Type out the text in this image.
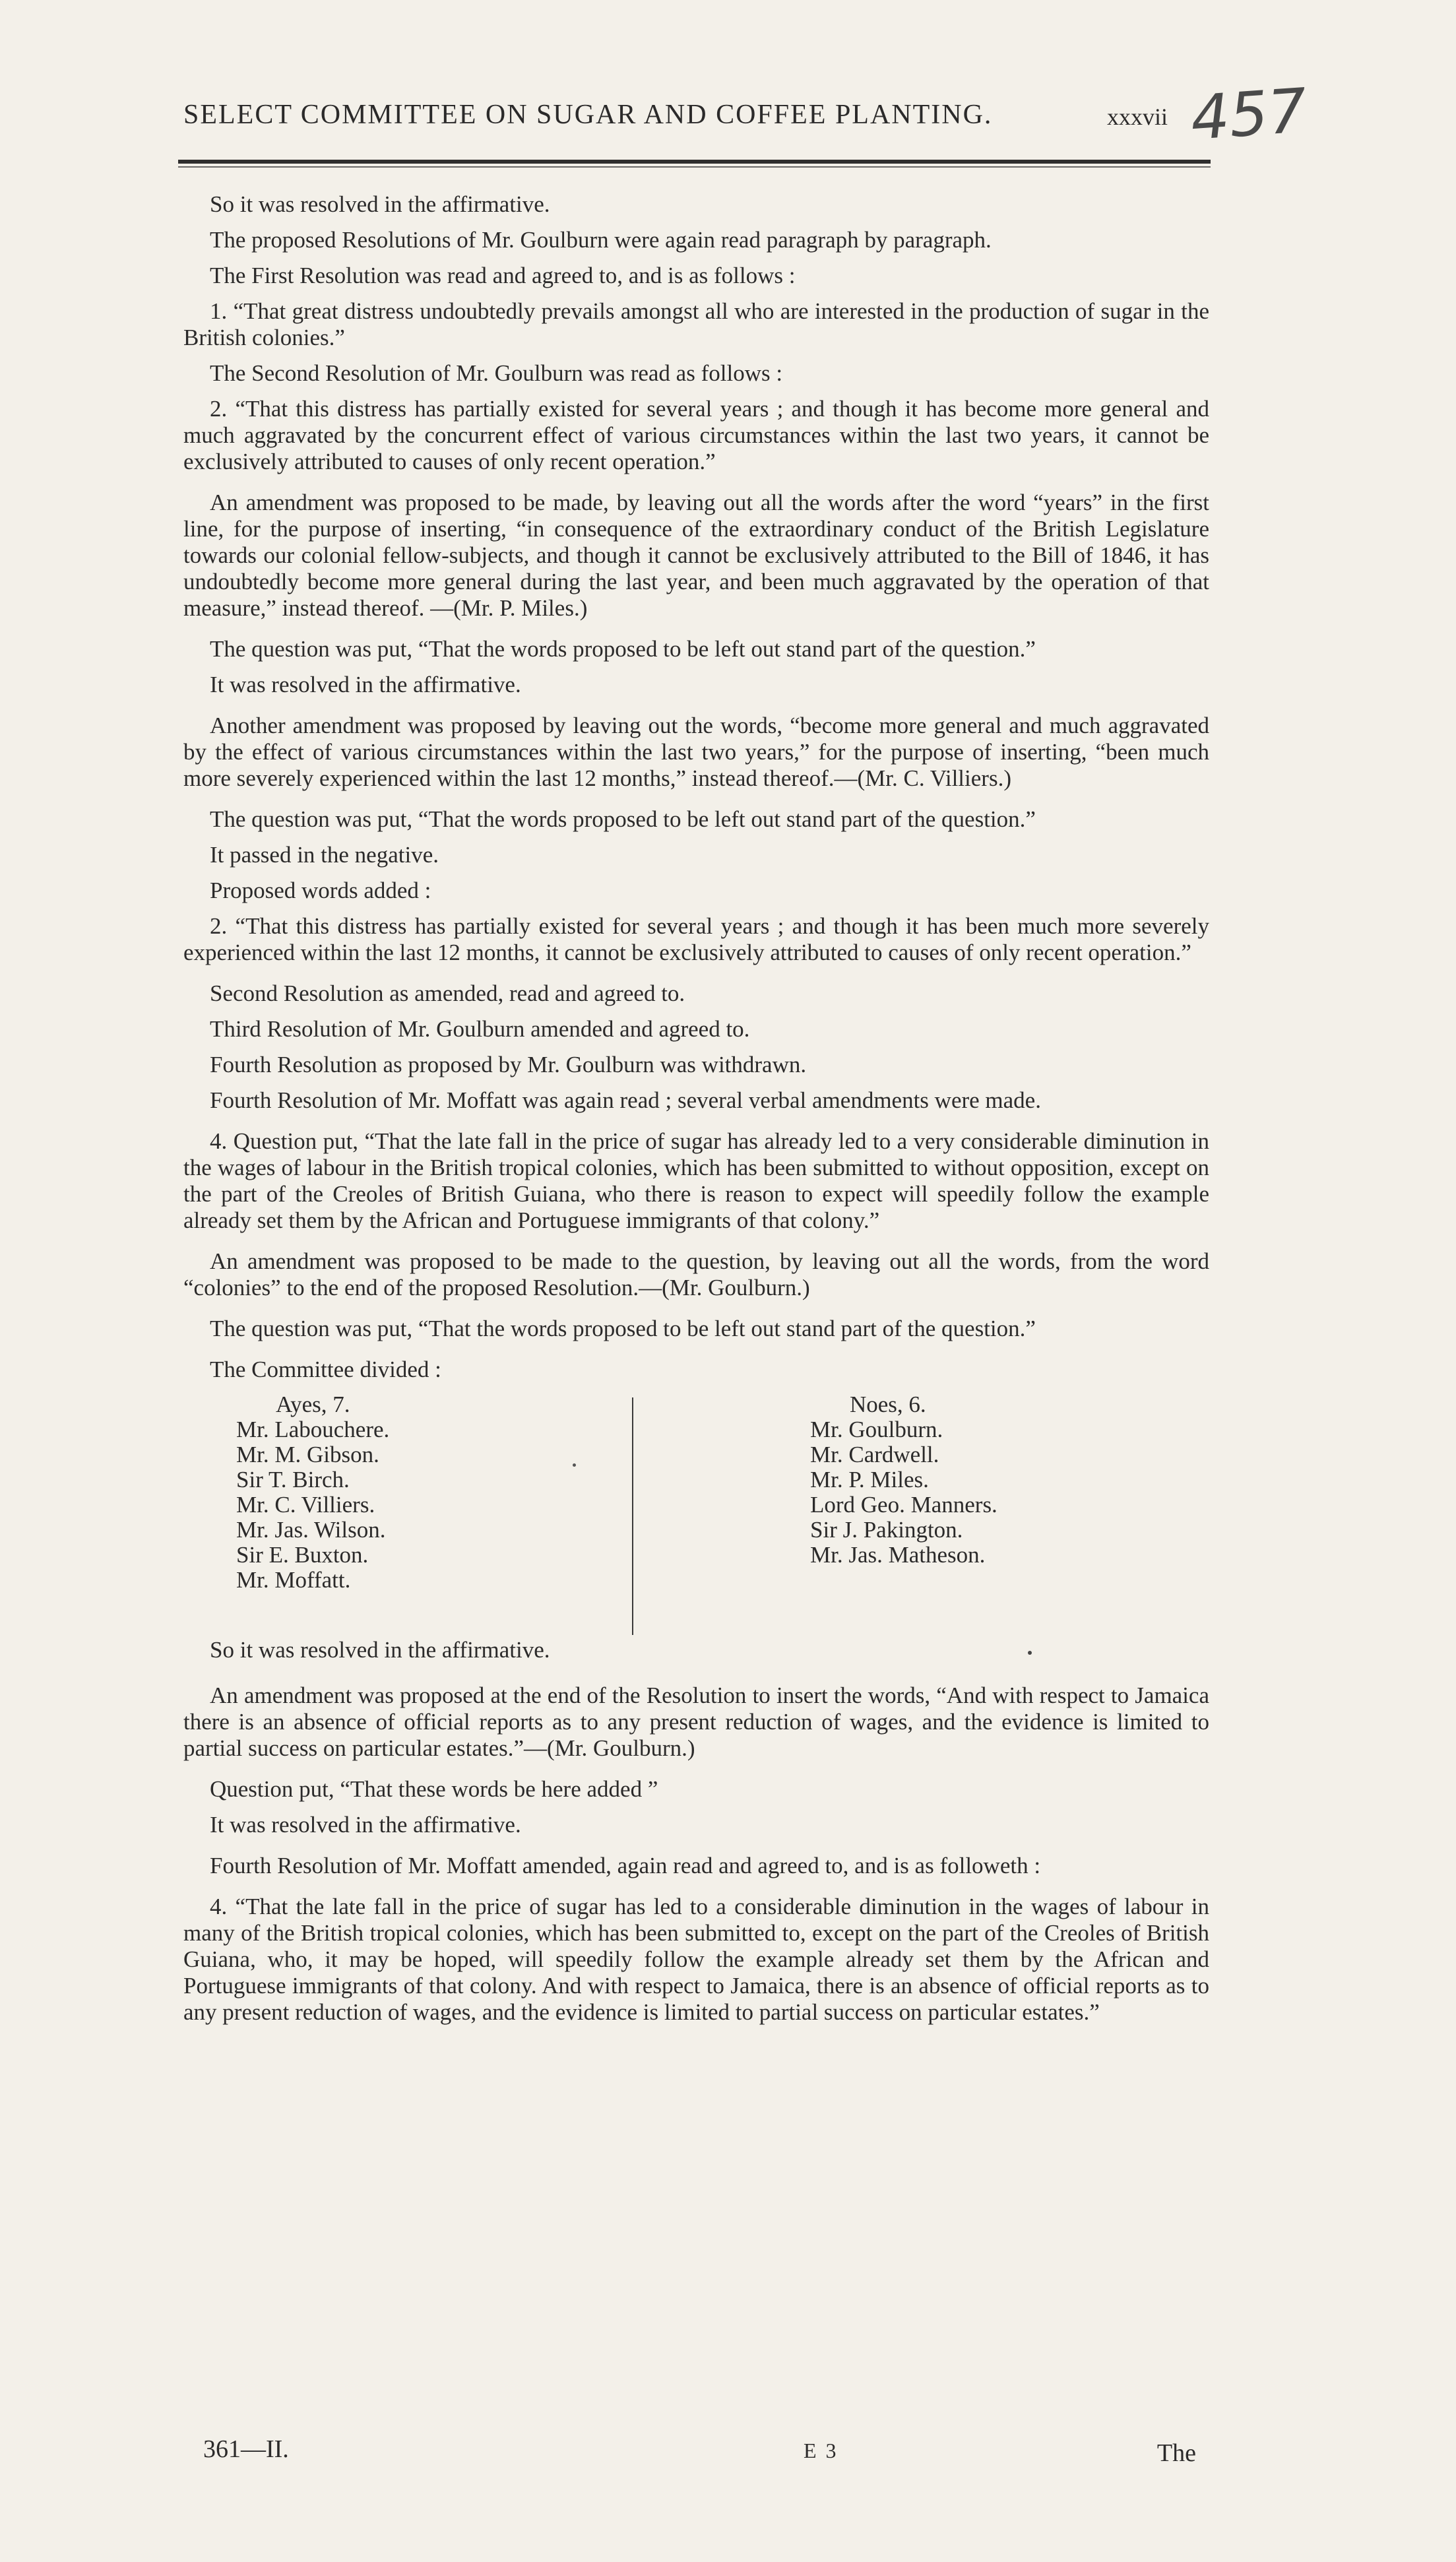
SELECT COMMITTEE ON SUGAR AND COFFEE PLANTING.	xxxvii 457

So it was resolved in the affirmative.

The proposed Resolutions of Mr. Goulburn were again read paragraph by paragraph.

The First Resolution was read and agreed to, and is as follows :

1. “That great distress undoubtedly prevails amongst all who are interested in the production of sugar in the British colonies.”

The Second Resolution of Mr. Goulburn was read as follows :

2. “That this distress has partially existed for several years ; and though it has become more general and much aggravated by the concurrent effect of various circumstances within the last two years, it cannot be exclusively attributed to causes of only recent operation.”

An amendment was proposed to be made, by leaving out all the words after the word “years” in the first line, for the purpose of inserting, “in consequence of the extraordinary conduct of the British Legislature towards our colonial fellow-subjects, and though it cannot be exclusively attributed to the Bill of 1846, it has undoubtedly become more general during the last year, and been much aggravated by the operation of that measure,” instead thereof. —(Mr. P. Miles.)

The question was put, “That the words proposed to be left out stand part of the question.”

It was resolved in the affirmative.

Another amendment was proposed by leaving out the words, “become more general and much aggravated by the effect of various circumstances within the last two years,” for the purpose of inserting, “been much more severely experienced within the last 12 months,” instead thereof.—(Mr. C. Villiers.)

The question was put, “That the words proposed to be left out stand part of the question.”

It passed in the negative.

Proposed words added :

2. “That this distress has partially existed for several years ; and though it has been much more severely experienced within the last 12 months, it cannot be exclusively attributed to causes of only recent operation.”

Second Resolution as amended, read and agreed to.

Third Resolution of Mr. Goulburn amended and agreed to.

Fourth Resolution as proposed by Mr. Goulburn was withdrawn.

Fourth Resolution of Mr. Moffatt was again read ; several verbal amendments were made.

4. Question put, “That the late fall in the price of sugar has already led to a very considerable diminution in the wages of labour in the British tropical colonies, which has been submitted to without opposition, except on the part of the Creoles of British Guiana, who there is reason to expect will speedily follow the example already set them by the African and Portuguese immigrants of that colony.”

An amendment was proposed to be made to the question, by leaving out all the words, from the word “colonies” to the end of the proposed Resolution.—(Mr. Goulburn.)

The question was put, “That the words proposed to be left out stand part of the question.”

The Committee divided :

Ayes, 7.
Mr. Labouchere.
Mr. M. Gibson.
Sir T. Birch.
Mr. C. Villiers.
Mr. Jas. Wilson.
Sir E. Buxton.
Mr. Moffatt.
Noes, 6.
Mr. Goulburn.
Mr. Cardwell.
Mr. P. Miles.
Lord Geo. Manners.
Sir J. Pakington.
Mr. Jas. Matheson.
So it was resolved in the affirmative.

An amendment was proposed at the end of the Resolution to insert the words, “And with respect to Jamaica there is an absence of official reports as to any present reduction of wages, and the evidence is limited to partial success on particular estates.”—(Mr. Goulburn.)

Question put, “That these words be here added ”

It was resolved in the affirmative.

Fourth Resolution of Mr. Moffatt amended, again read and agreed to, and is as followeth :

4. “That the late fall in the price of sugar has led to a considerable diminution in the wages of labour in many of the British tropical colonies, which has been submitted to, except on the part of the Creoles of British Guiana, who, it may be hoped, will speedily follow the example already set them by the African and Portuguese immigrants of that colony. And with respect to Jamaica, there is an absence of official reports as to any present reduction of wages, and the evidence is limited to partial success on particular estates.”

361—II.	E 3	The
